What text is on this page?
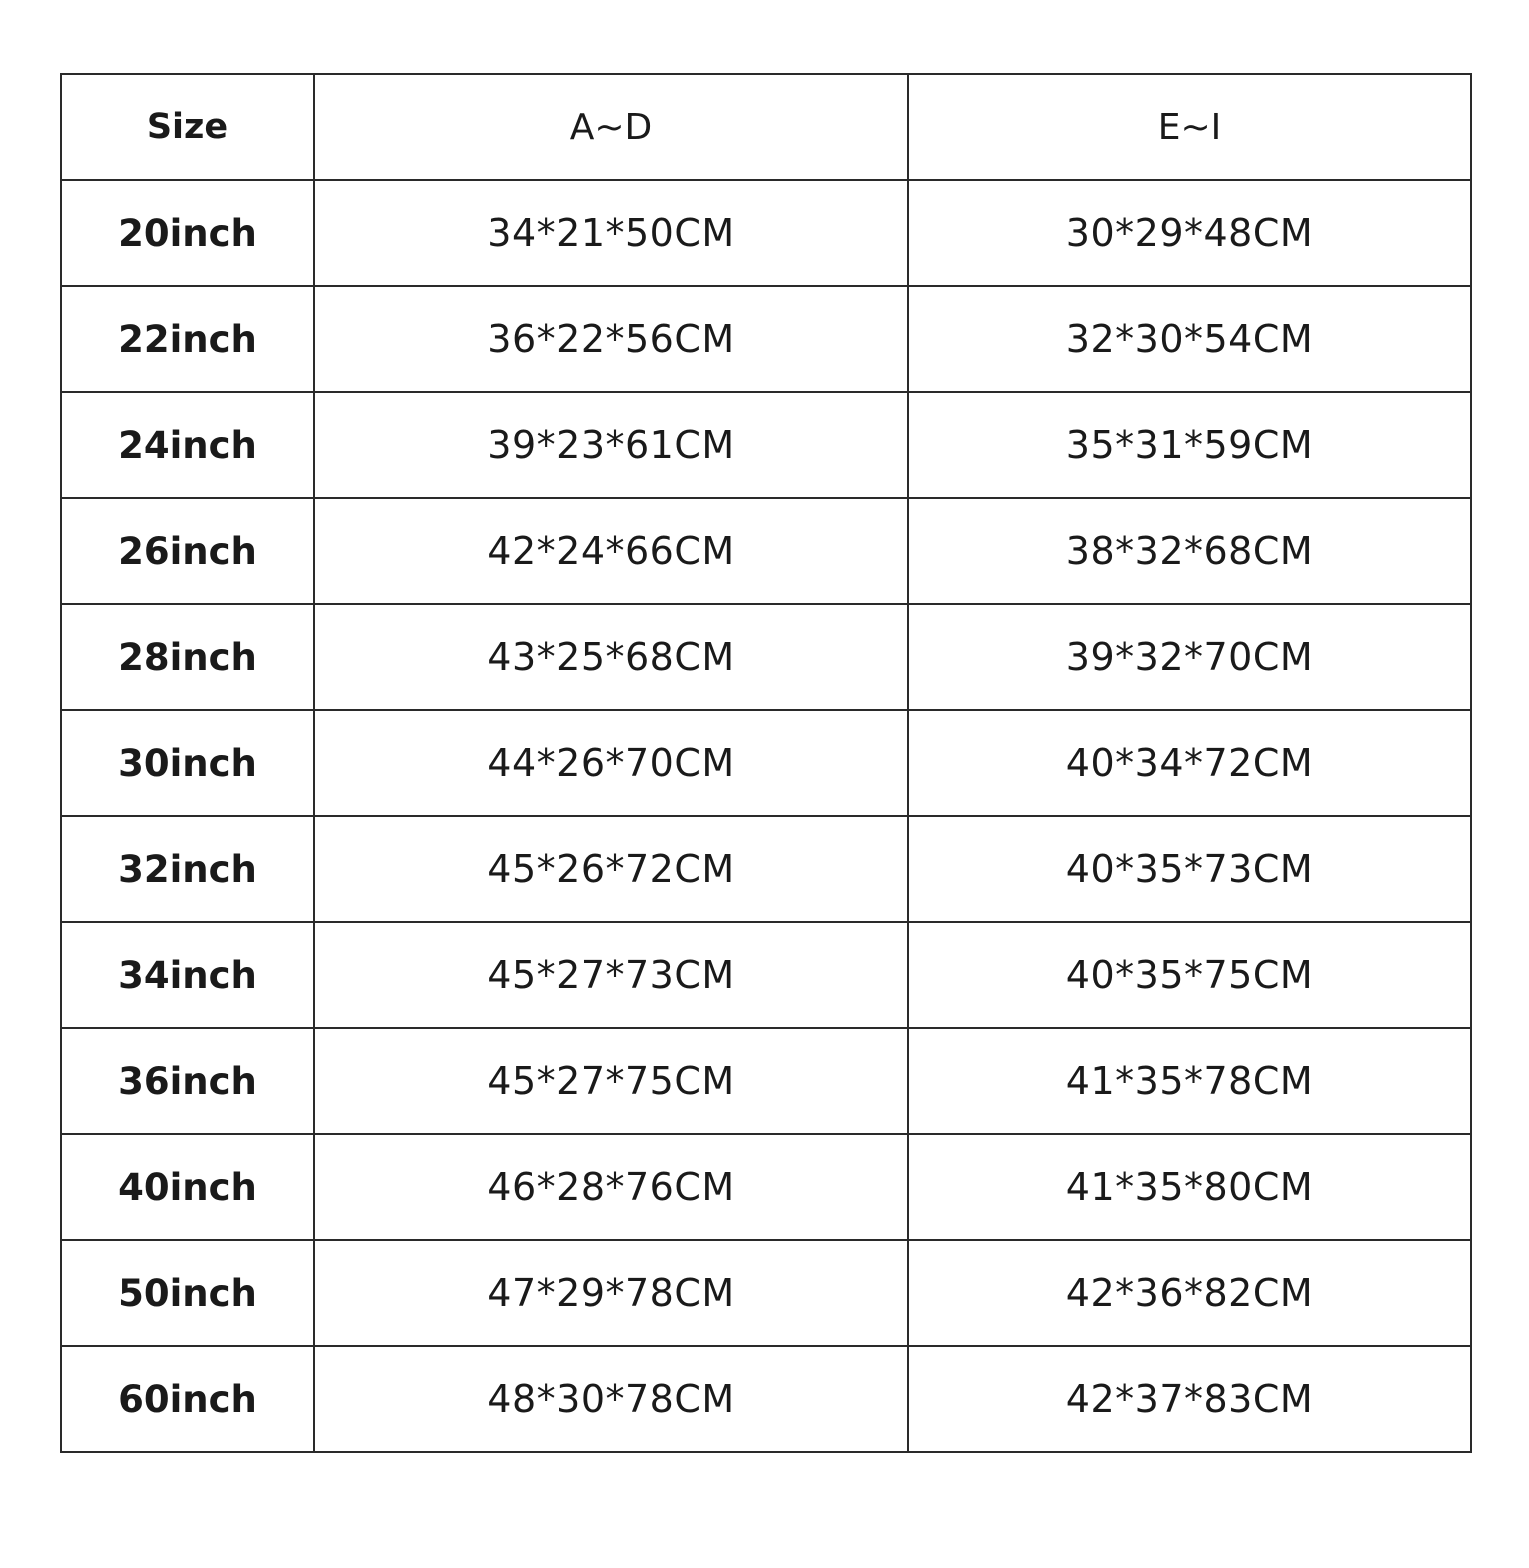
Size	A~D	E~I
20inch	34*21*50CM	30*29*48CM
22inch	36*22*56CM	32*30*54CM
24inch	39*23*61CM	35*31*59CM
26inch	42*24*66CM	38*32*68CM
28inch	43*25*68CM	39*32*70CM
30inch	44*26*70CM	40*34*72CM
32inch	45*26*72CM	40*35*73CM
34inch	45*27*73CM	40*35*75CM
36inch	45*27*75CM	41*35*78CM
40inch	46*28*76CM	41*35*80CM
50inch	47*29*78CM	42*36*82CM
60inch	48*30*78CM	42*37*83CM
